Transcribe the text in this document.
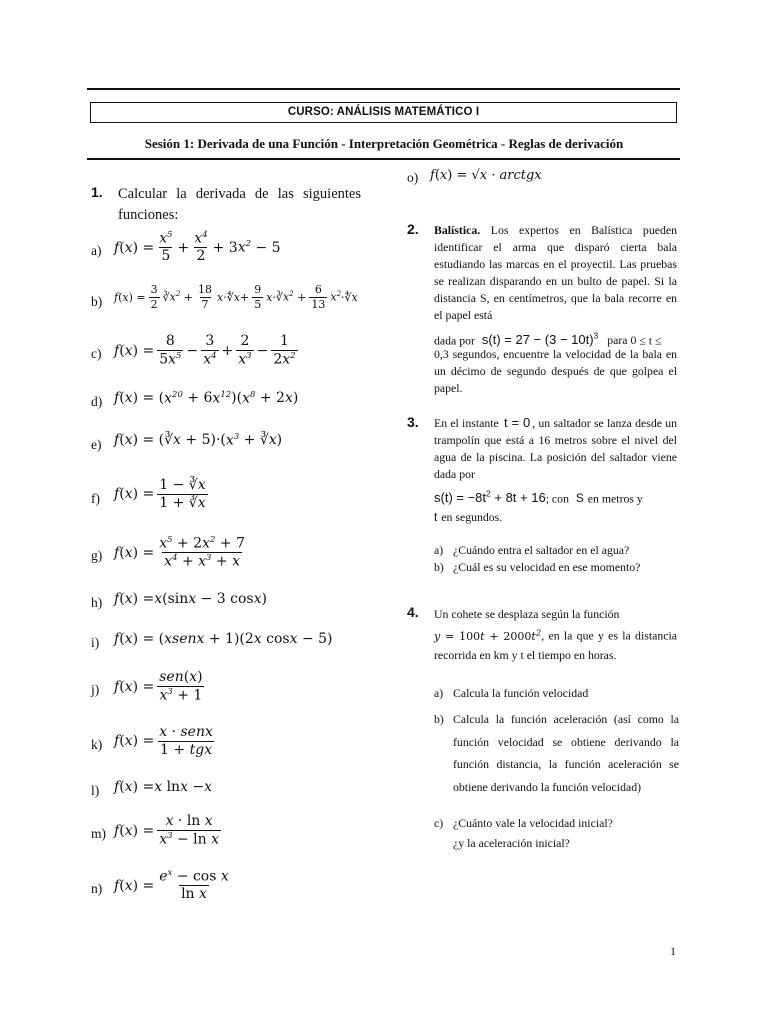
CURSO: ANÁLISIS MATEMÁTICO I
Sesión 1: Derivada de una Función - Interpretación Geométrica - Reglas de derivación
1. Calcular la derivada de las siguientes funciones:
a) f ( x ) = $\frac{x^5}{5} + \frac{x^4}{2} + 3$ $x^2 - 5$
b)	f ( x ) = $\frac{3}{2}$ ∛ $x^2 + \frac{18}{7}$ x ·∜ $x + \frac{9}{5}$ x ·∛ $x^2 + \frac{6}{13} x^2$ ·∜ x
c) f ( x ) = $\frac{8}{5x^5} - \frac{3}{x^4} + \frac{2}{x^3} - \frac{1}{2x^2}$
d) f ( x ) = ( $x^{20} + 6$ $x^{12}$ )( $x^8 + 2$ x )
e) f ( x ) = (∛ x + 5)·( $x^3$ + ∛ x )
f)	f ( x ) = $\frac{1 - ∛x}{1 + ∛x}$
g) f ( x ) = $\frac{x^5 + 2x^2 + 7}{x^4 + x^3 + x}$
h) f ( x ) = x (sin x − 3 cos x )
i)	f ( x ) = ( xsenx + 1)(2 x cos x − 5)
j)	f ( x ) =
sen(x)
$x^3 + 1$
k) f ( x ) =
x · senx
1 + tgx
l)	f ( x ) = x ln x − x
m) f ( x ) = $\frac{\text{x · ln x}}{x^3 - \ln x}$
n) f ( x ) = $\frac{e^x - \cos x}{\text{ln x}}$
o) f(x) = √x · arctgx
2. Balística. Los expertos en Balística pueden identificar el arma que disparó cierta bala estudiando las marcas en el proyectil. Las pruebas se realizan disparando en un bulto de papel. Si la distancia S, en centímetros, que la bala recorre en el papel está
dada por $s(t) = 27 - (3 - 10t)^3$ para 0 ≤ t ≤
0,3 segundos, encuentre la velocidad de la bala en un décimo de segundo después de que golpea el papel.
3. En el instante t = 0 , un saltador se lanza desde un trampolín que está a 16 metros sobre el nivel del agua de la piscina. La posición del saltador viene dada por
$s(t) = -8t^2 + 8t + 16$; con S en metros y
t en segundos.
a) ¿Cuándo entra el saltador en el agua?
b) ¿Cuál es su velocidad en ese momento?
4. Un cohete se desplaza según la función
$y = 100t + 2000t^2$, en la que y es la distancia recorrida en km y t el tiempo en horas.
a) Calcula la función velocidad
b) Calcula la función aceleración (así como la función velocidad se obtiene derivando la función distancia, la función aceleración se obtiene derivando la función velocidad)
c) ¿Cuánto vale la velocidad inicial?
¿y la aceleración inicial?
1
